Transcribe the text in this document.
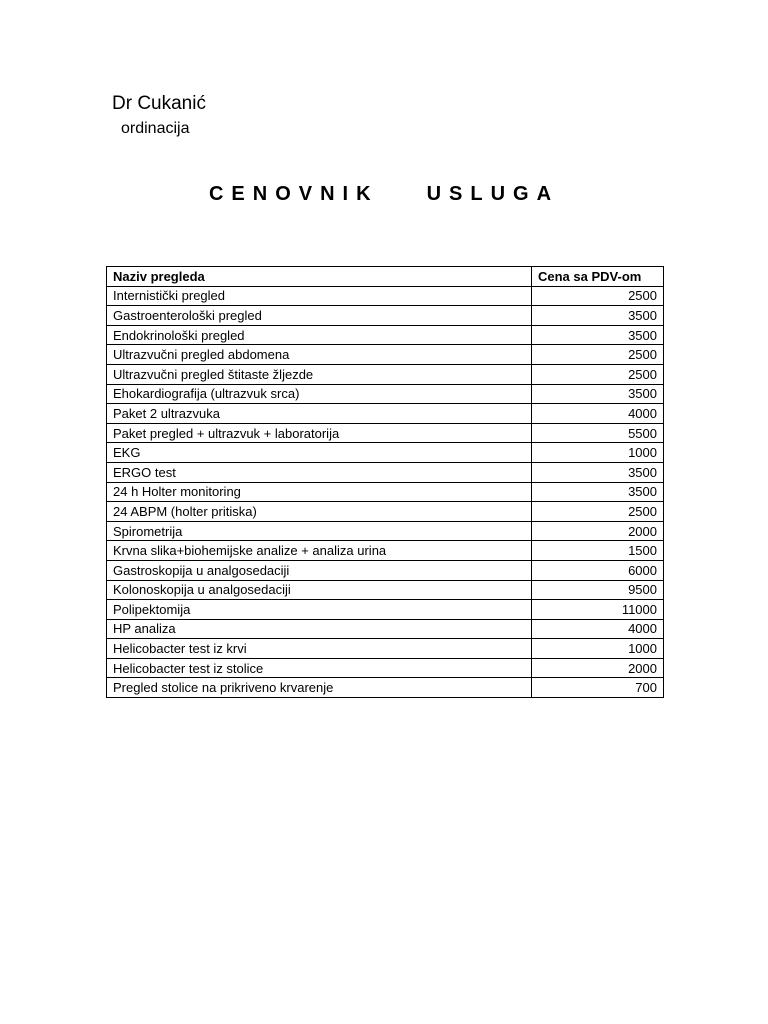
Dr Cukanić
ordinacija
CENOVNIK USLUGA
Naziv pregleda	Cena sa PDV-om
Internistički pregled	2500
Gastroenterološki pregled	3500
Endokrinološki pregled	3500
Ultrazvučni pregled abdomena	2500
Ultrazvučni pregled štitaste žljezde	2500
Ehokardiografija (ultrazvuk srca)	3500
Paket 2 ultrazvuka	4000
Paket pregled + ultrazvuk + laboratorija	5500
EKG	1000
ERGO test	3500
24 h Holter monitoring	3500
24 ABPM (holter pritiska)	2500
Spirometrija	2000
Krvna slika+biohemijske analize + analiza urina	1500
Gastroskopija u analgosedaciji	6000
Kolonoskopija u analgosedaciji	9500
Polipektomija	11000
HP analiza	4000
Helicobacter test iz krvi	1000
Helicobacter test iz stolice	2000
Pregled stolice na prikriveno krvarenje	700
